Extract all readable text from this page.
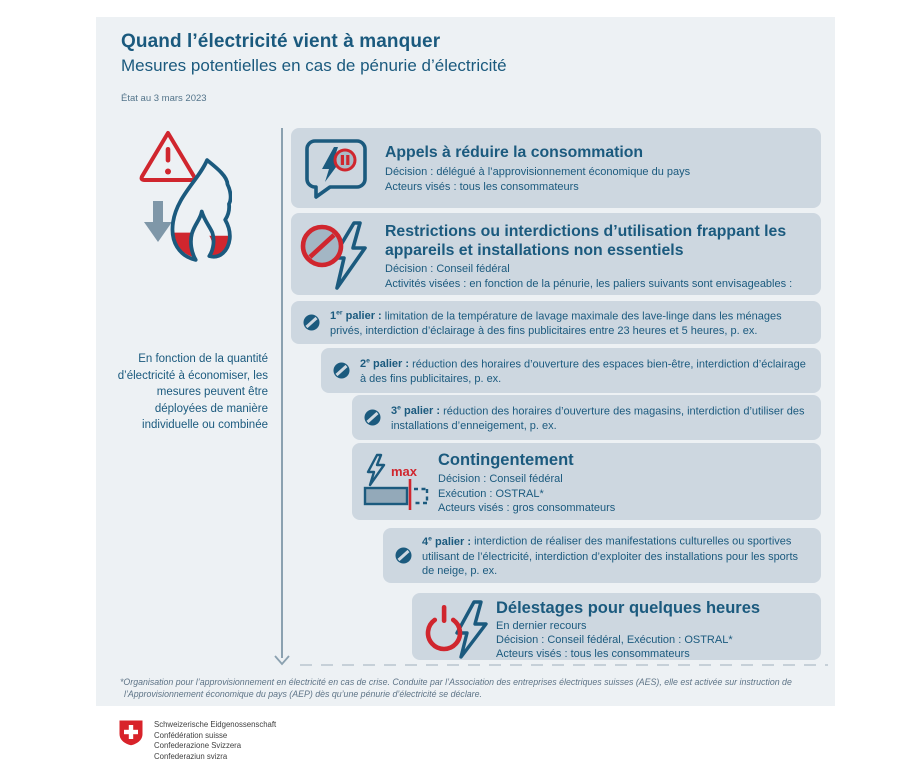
Quand l’électricité vient à manquer
Mesures potentielles en cas de pénurie d’électricité
État au 3 mars 2023
En fonction de la quantité d’électricité à économiser, les mesures peuvent être déployées de manière individuelle ou combinée
Appels à réduire la consommation

Décision : délégué à l’approvisionnement économique du pays

Acteurs visés : tous les consommateurs

Restrictions ou interdictions d’utilisation frappant les appareils et installations non essentiels

Décision : Conseil fédéral

Activités visées : en fonction de la pénurie, les paliers suivants sont envisageables :

1er palier : limitation de la température de lavage maximale des lave-linge dans les ménages privés, interdiction d’éclairage à des fins publicitaires entre 23 heures et 5 heures, p. ex.

2e palier : réduction des horaires d’ouverture des espaces bien-être, interdiction d’éclairage à des fins publicitaires, p. ex.

3e palier : réduction des horaires d’ouverture des magasins, interdiction d’utiliser des installations d’enneigement, p. ex.

max
Contingentement

Décision : Conseil fédéral

Exécution : OSTRAL*

Acteurs visés : gros consommateurs

4e palier : interdiction de réaliser des manifestations culturelles ou sportives utilisant de l’électricité, interdiction d’exploiter des installations pour les sports de neige, p. ex.

Délestages pour quelques heures

En dernier recours

Décision : Conseil fédéral, Exécution : OSTRAL*

Acteurs visés : tous les consommateurs

*Organisation pour l’approvisionnement en électricité en cas de crise. Conduite par l’Association des entreprises électriques suisses (AES), elle est activée sur instruction de
l’Approvisionnement économique du pays (AEP) dès qu’une pénurie d’électricité se déclare.
Schweizerische Eidgenossenschaft
Confédération suisse
Confederazione Svizzera
Confederaziun svizra
